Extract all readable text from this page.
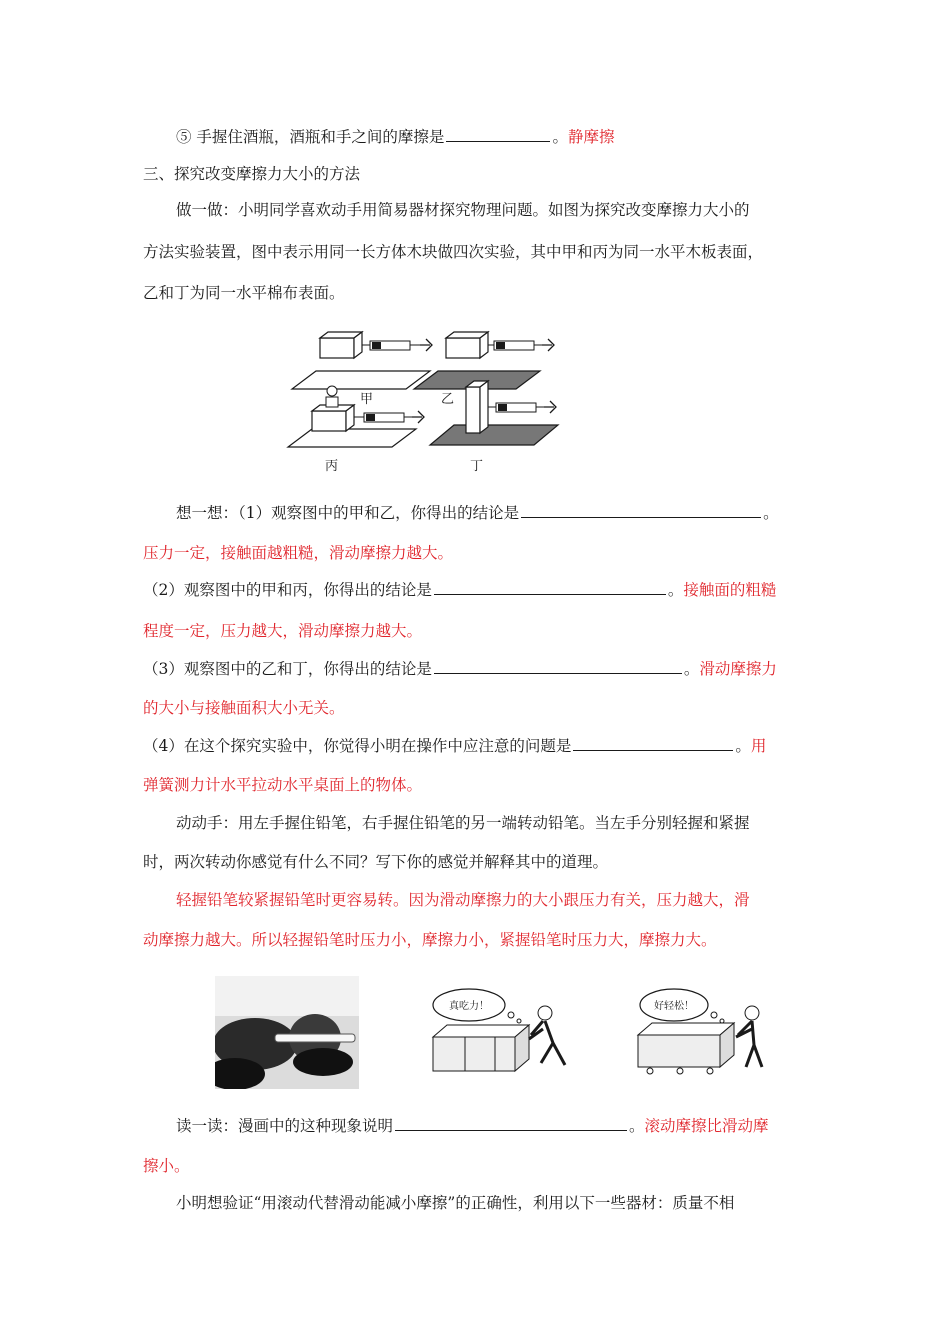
⑤ 手握住酒瓶，酒瓶和手之间的摩擦是	。静摩擦
三、探究改变摩擦力大小的方法
做一做：小明同学喜欢动手用简易器材探究物理问题。如图为探究改变摩擦力大小的
方法实验装置，图中表示用同一长方体木块做四次实验，其中甲和丙为同一水平木板表面，
乙和丁为同一水平棉布表面。
甲	乙
丙	丁
想一想：（1）观察图中的甲和乙，你得出的结论是	。
压力一定，接触面越粗糙，滑动摩擦力越大。
（2）观察图中的甲和丙，你得出的结论是	。接触面的粗糙
程度一定，压力越大，滑动摩擦力越大。
（3）观察图中的乙和丁，你得出的结论是	。滑动摩擦力
的大小与接触面积大小无关。
（4）在这个探究实验中，你觉得小明在操作中应注意的问题是	。用
弹簧测力计水平拉动水平桌面上的物体。
动动手：用左手握住铅笔，右手握住铅笔的另一端转动铅笔。当左手分别轻握和紧握
时，两次转动你感觉有什么不同？写下你的感觉并解释其中的道理。
轻握铅笔较紧握铅笔时更容易转。因为滑动摩擦力的大小跟压力有关，压力越大，滑
动摩擦力越大。所以轻握铅笔时压力小，摩擦力小，紧握铅笔时压力大，摩擦力大。
真吃力！	好轻松！
读一读：漫画中的这种现象说明	。滚动摩擦比滑动摩
擦小。
小明想验证“用滚动代替滑动能减小摩擦”的正确性，利用以下一些器材：质量不相
